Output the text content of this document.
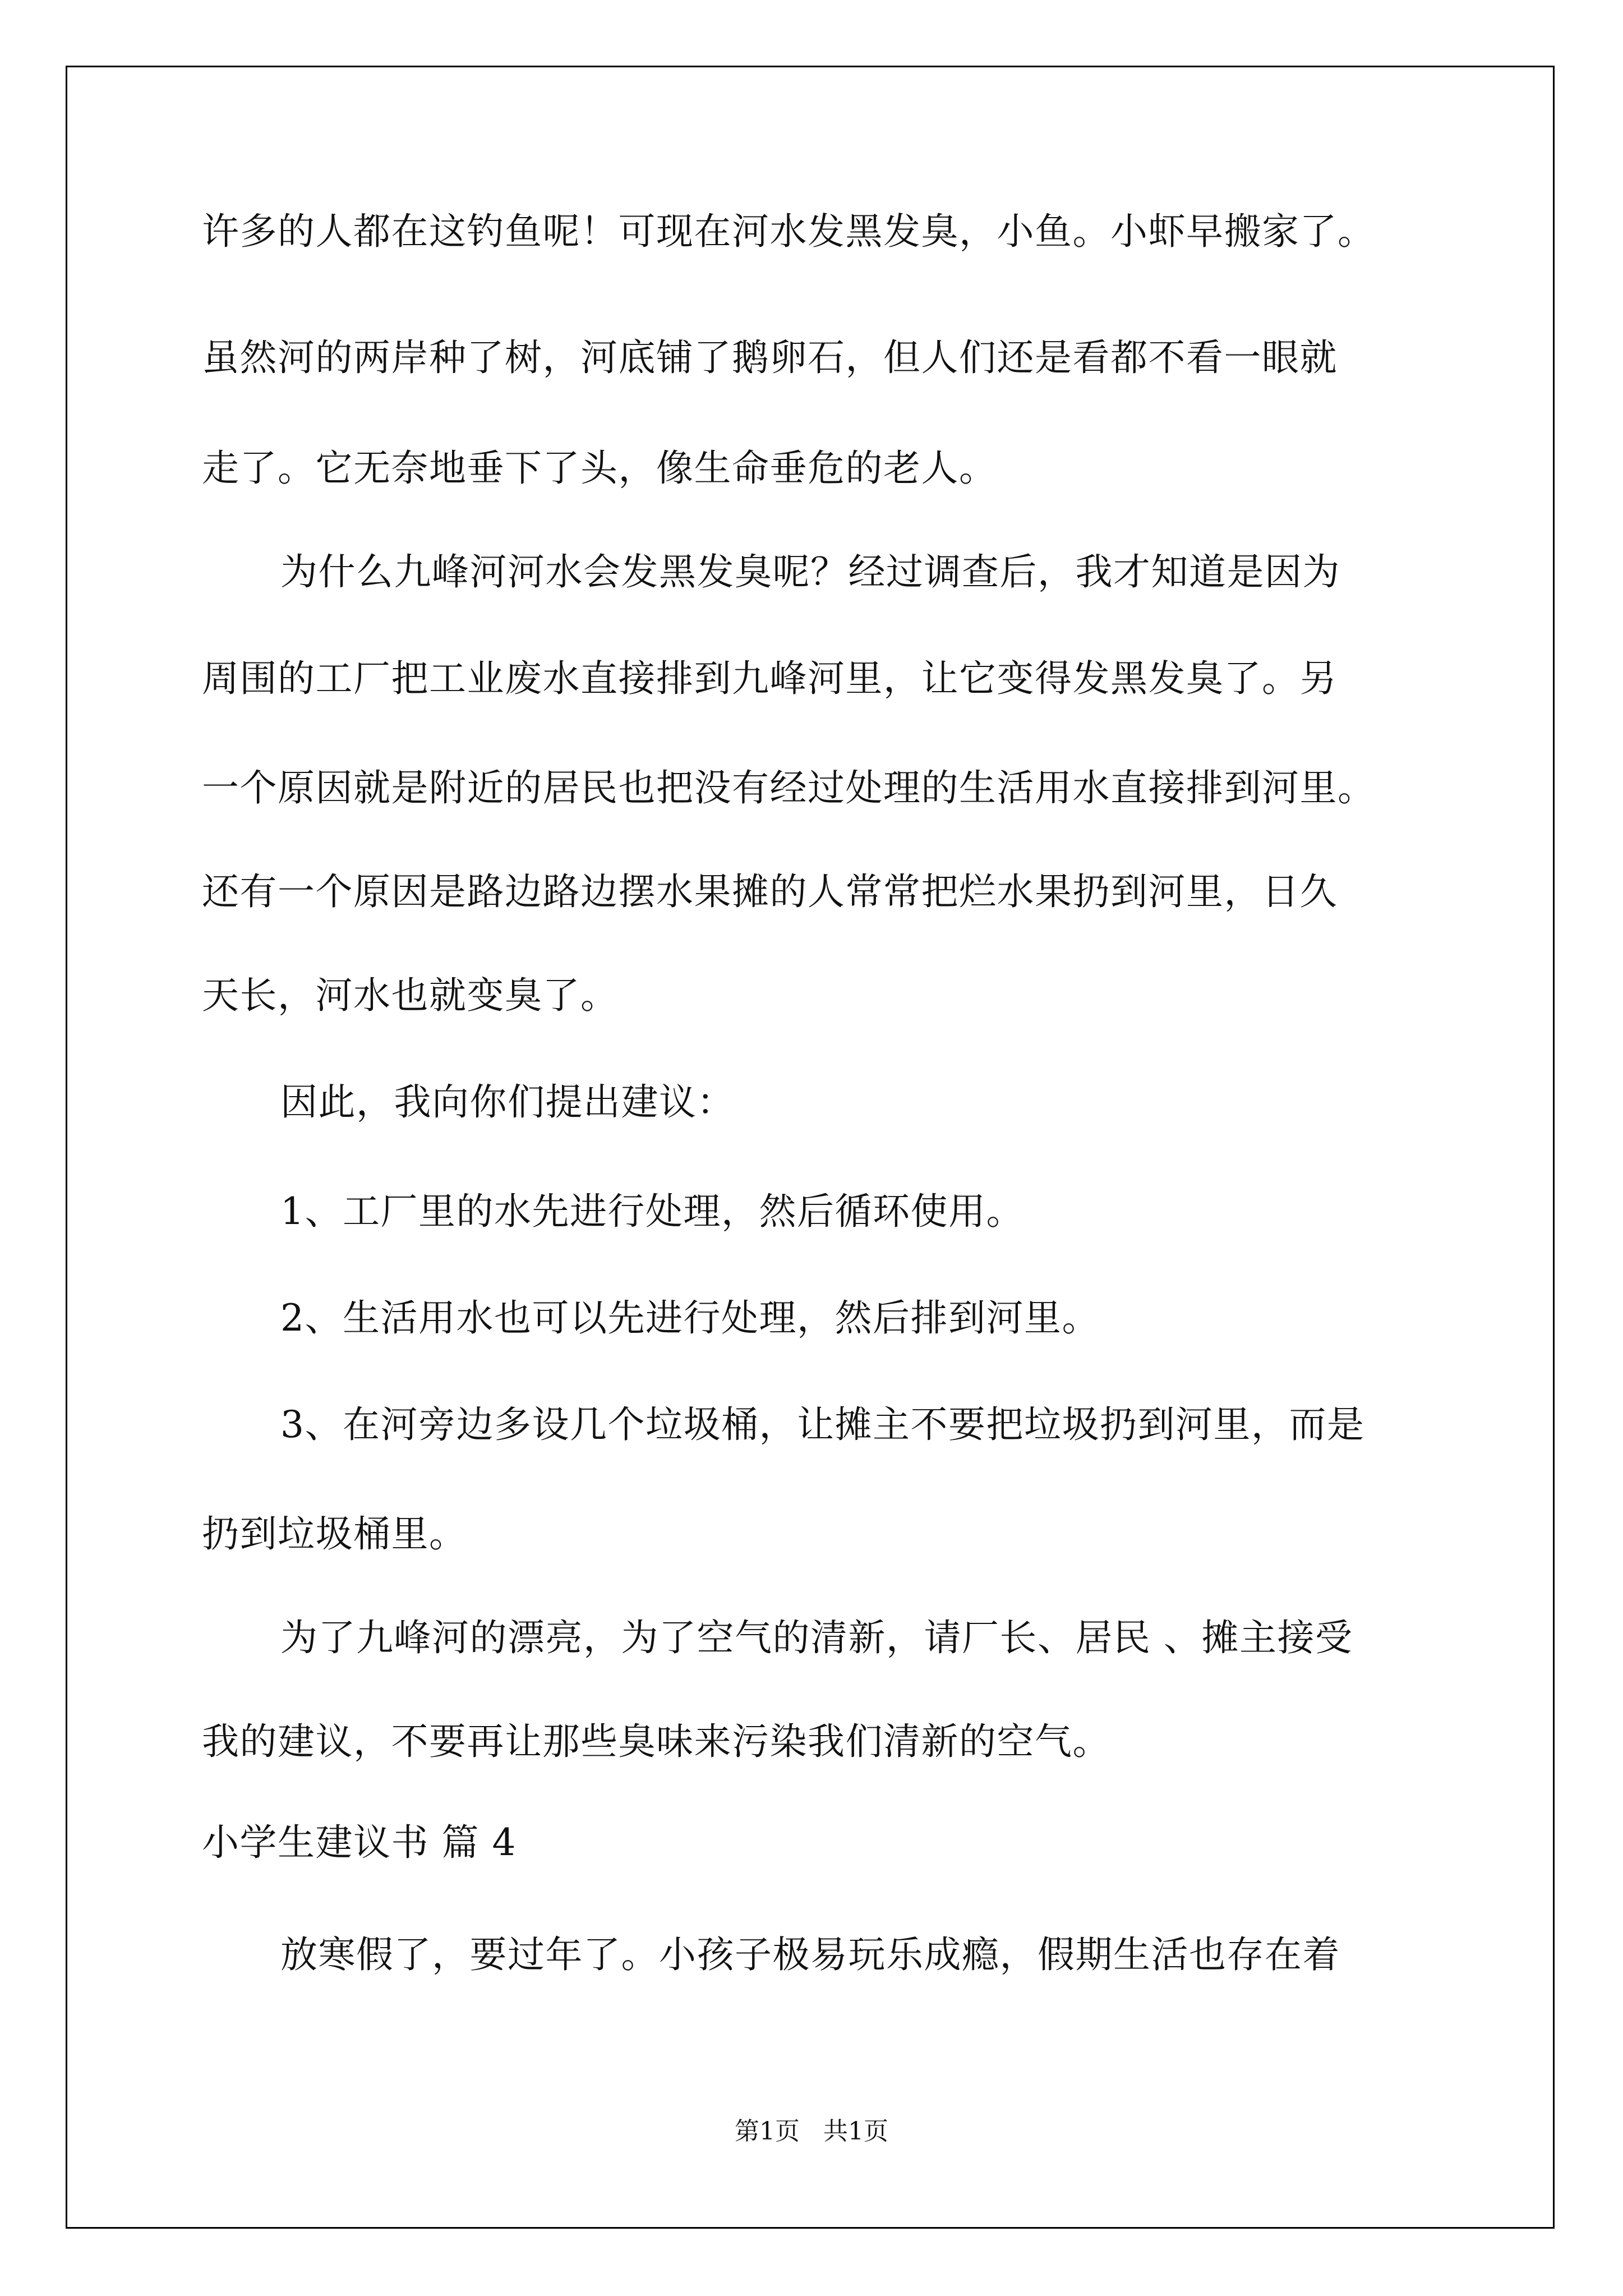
许多的人都在这钓鱼呢！可现在河水发黑发臭，小鱼。小虾早搬家了。

虽然河的两岸种了树，河底铺了鹅卵石，但人们还是看都不看一眼就

走了。它无奈地垂下了头，像生命垂危的老人。

为什么九峰河河水会发黑发臭呢？经过调查后，我才知道是因为

周围的工厂把工业废水直接排到九峰河里，让它变得发黑发臭了。另

一个原因就是附近的居民也把没有经过处理的生活用水直接排到河里。

还有一个原因是路边路边摆水果摊的人常常把烂水果扔到河里，日久

天长，河水也就变臭了。

因此，我向你们提出建议：

1、工厂里的水先进行处理，然后循环使用。

2、生活用水也可以先进行处理，然后排到河里。

3、在河旁边多设几个垃圾桶，让摊主不要把垃圾扔到河里，而是

扔到垃圾桶里。

为了九峰河的漂亮，为了空气的清新，请厂长、居民 、摊主接受

我的建议，不要再让那些臭味来污染我们清新的空气。

小学生建议书 篇 4

放寒假了，要过年了。小孩子极易玩乐成瘾，假期生活也存在着

第1页   共1页
